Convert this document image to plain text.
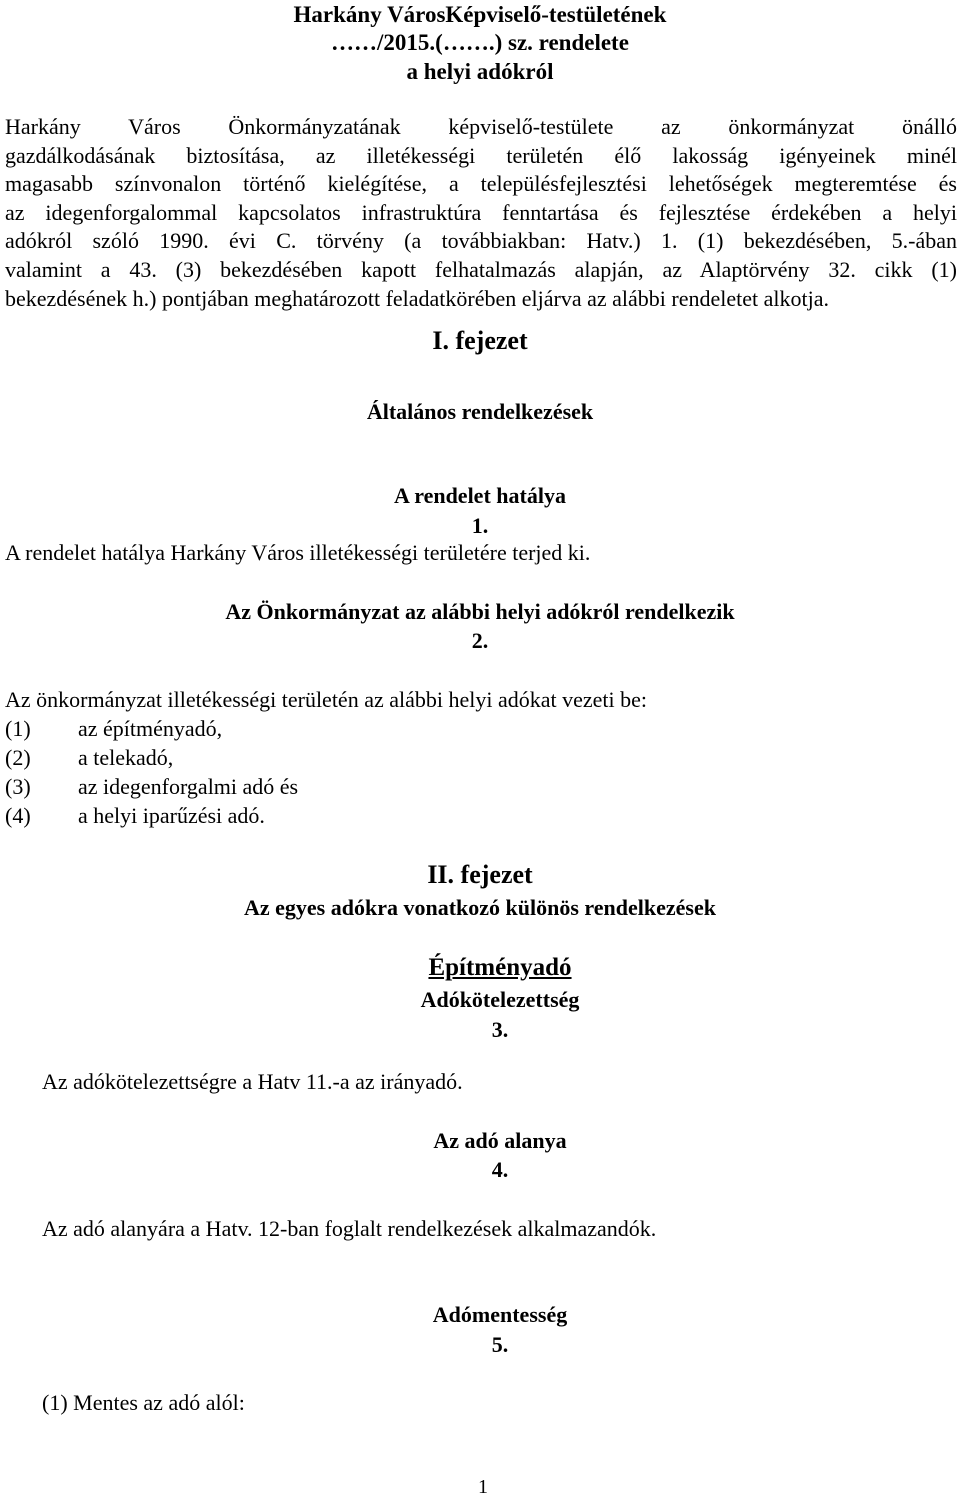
Harkány VárosKépviselő-testületének
……/2015.(…….) sz. rendelete
a helyi adókról
Harkány Város Önkormányzatának képviselő-testülete az önkormányzat önálló
gazdálkodásának biztosítása, az illetékességi területén élő lakosság igényeinek minél
magasabb színvonalon történő kielégítése, a településfejlesztési lehetőségek megteremtése és
az idegenforgalommal kapcsolatos infrastruktúra fenntartása és fejlesztése érdekében a helyi
adókról szóló 1990. évi C. törvény (a továbbiakban: Hatv.) 1. (1) bekezdésében, 5.-ában
valamint a 43. (3) bekezdésében kapott felhatalmazás alapján, az Alaptörvény 32. cikk (1)
bekezdésének h.) pontjában meghatározott feladatkörében eljárva az alábbi rendeletet alkotja.
I. fejezet
Általános rendelkezések
A rendelet hatálya
1.
A rendelet hatálya Harkány Város illetékességi területére terjed ki.
Az Önkormányzat az alábbi helyi adókról rendelkezik
2.
Az önkormányzat illetékességi területén az alábbi helyi adókat vezeti be:
(1) az építményadó,
(2) a telekadó,
(3) az idegenforgalmi adó és
(4) a helyi iparűzési adó.
II. fejezet
Az egyes adókra vonatkozó különös rendelkezések
Építményadó
Adókötelezettség
3.
Az adókötelezettségre a Hatv 11.-a az irányadó.
Az adó alanya
4.
Az adó alanyára a Hatv. 12-ban foglalt rendelkezések alkalmazandók.
Adómentesség
5.
(1) Mentes az adó alól:
1
